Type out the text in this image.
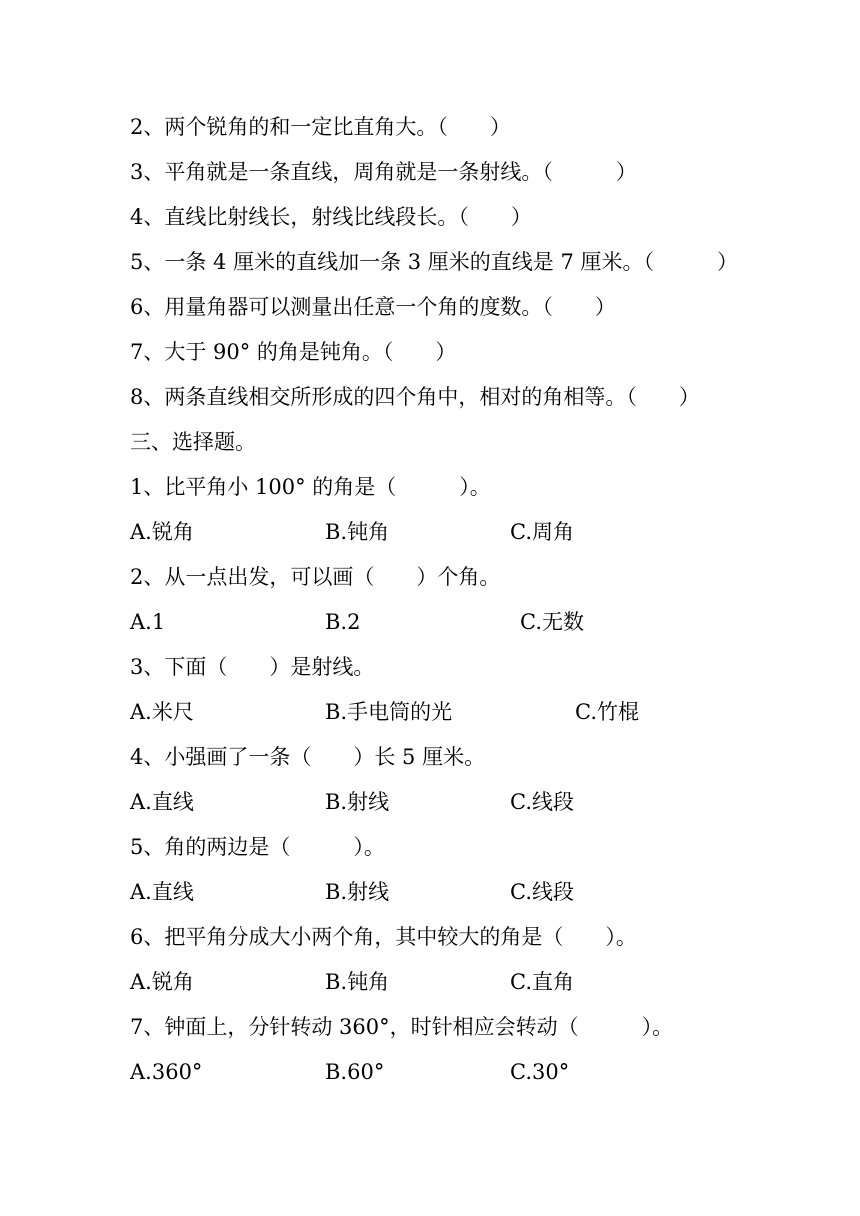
2、两个锐角的和一定比直角大。（　　）
3、平角就是一条直线，周角就是一条射线。（　　　）
4、直线比射线长，射线比线段长。（　　）
5、一条 4 厘米的直线加一条 3 厘米的直线是 7 厘米。（　　　）
6、用量角器可以测量出任意一个角的度数。（　　）
7、大于 90° 的角是钝角。（　　）
8、两条直线相交所形成的四个角中，相对的角相等。（　　）
三、选择题。
1、比平角小 100° 的角是（　　　）。
A.锐角	B.钝角	C.周角
2、从一点出发，可以画（　　）个角。
A.1	B.2	C.无数
3、下面（　　）是射线。
A.米尺	B.手电筒的光	C.竹棍
4、小强画了一条（　　）长 5 厘米。
A.直线	B.射线	C.线段
5、角的两边是（　　　）。
A.直线	B.射线	C.线段
6、把平角分成大小两个角，其中较大的角是（　　）。
A.锐角	B.钝角	C.直角
7、钟面上，分针转动 360°，时针相应会转动（　　　）。
A.360°	B.60°	C.30°
